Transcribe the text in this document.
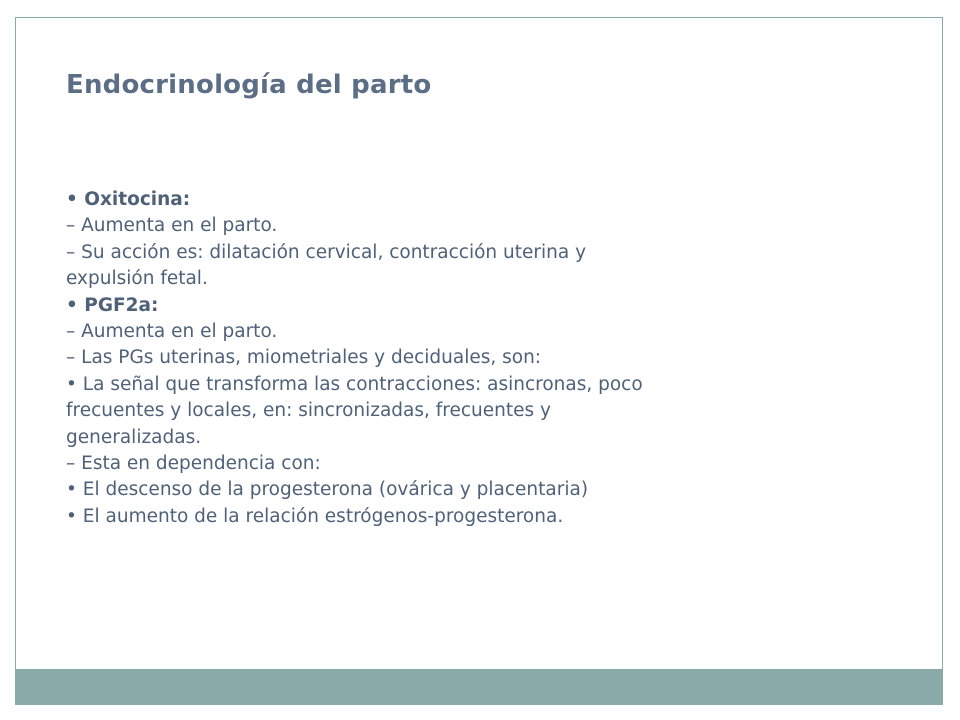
Endocrinología del parto
• Oxitocina:
– Aumenta en el parto.
– Su acción es: dilatación cervical, contracción uterina y
expulsión fetal.
• PGF2a:
– Aumenta en el parto.
– Las PGs uterinas, miometriales y deciduales, son:
• La señal que transforma las contracciones: asincronas, poco
frecuentes y locales, en: sincronizadas, frecuentes y
generalizadas.
– Esta en dependencia con:
• El descenso de la progesterona (ovárica y placentaria)
• El aumento de la relación estrógenos-progesterona.
